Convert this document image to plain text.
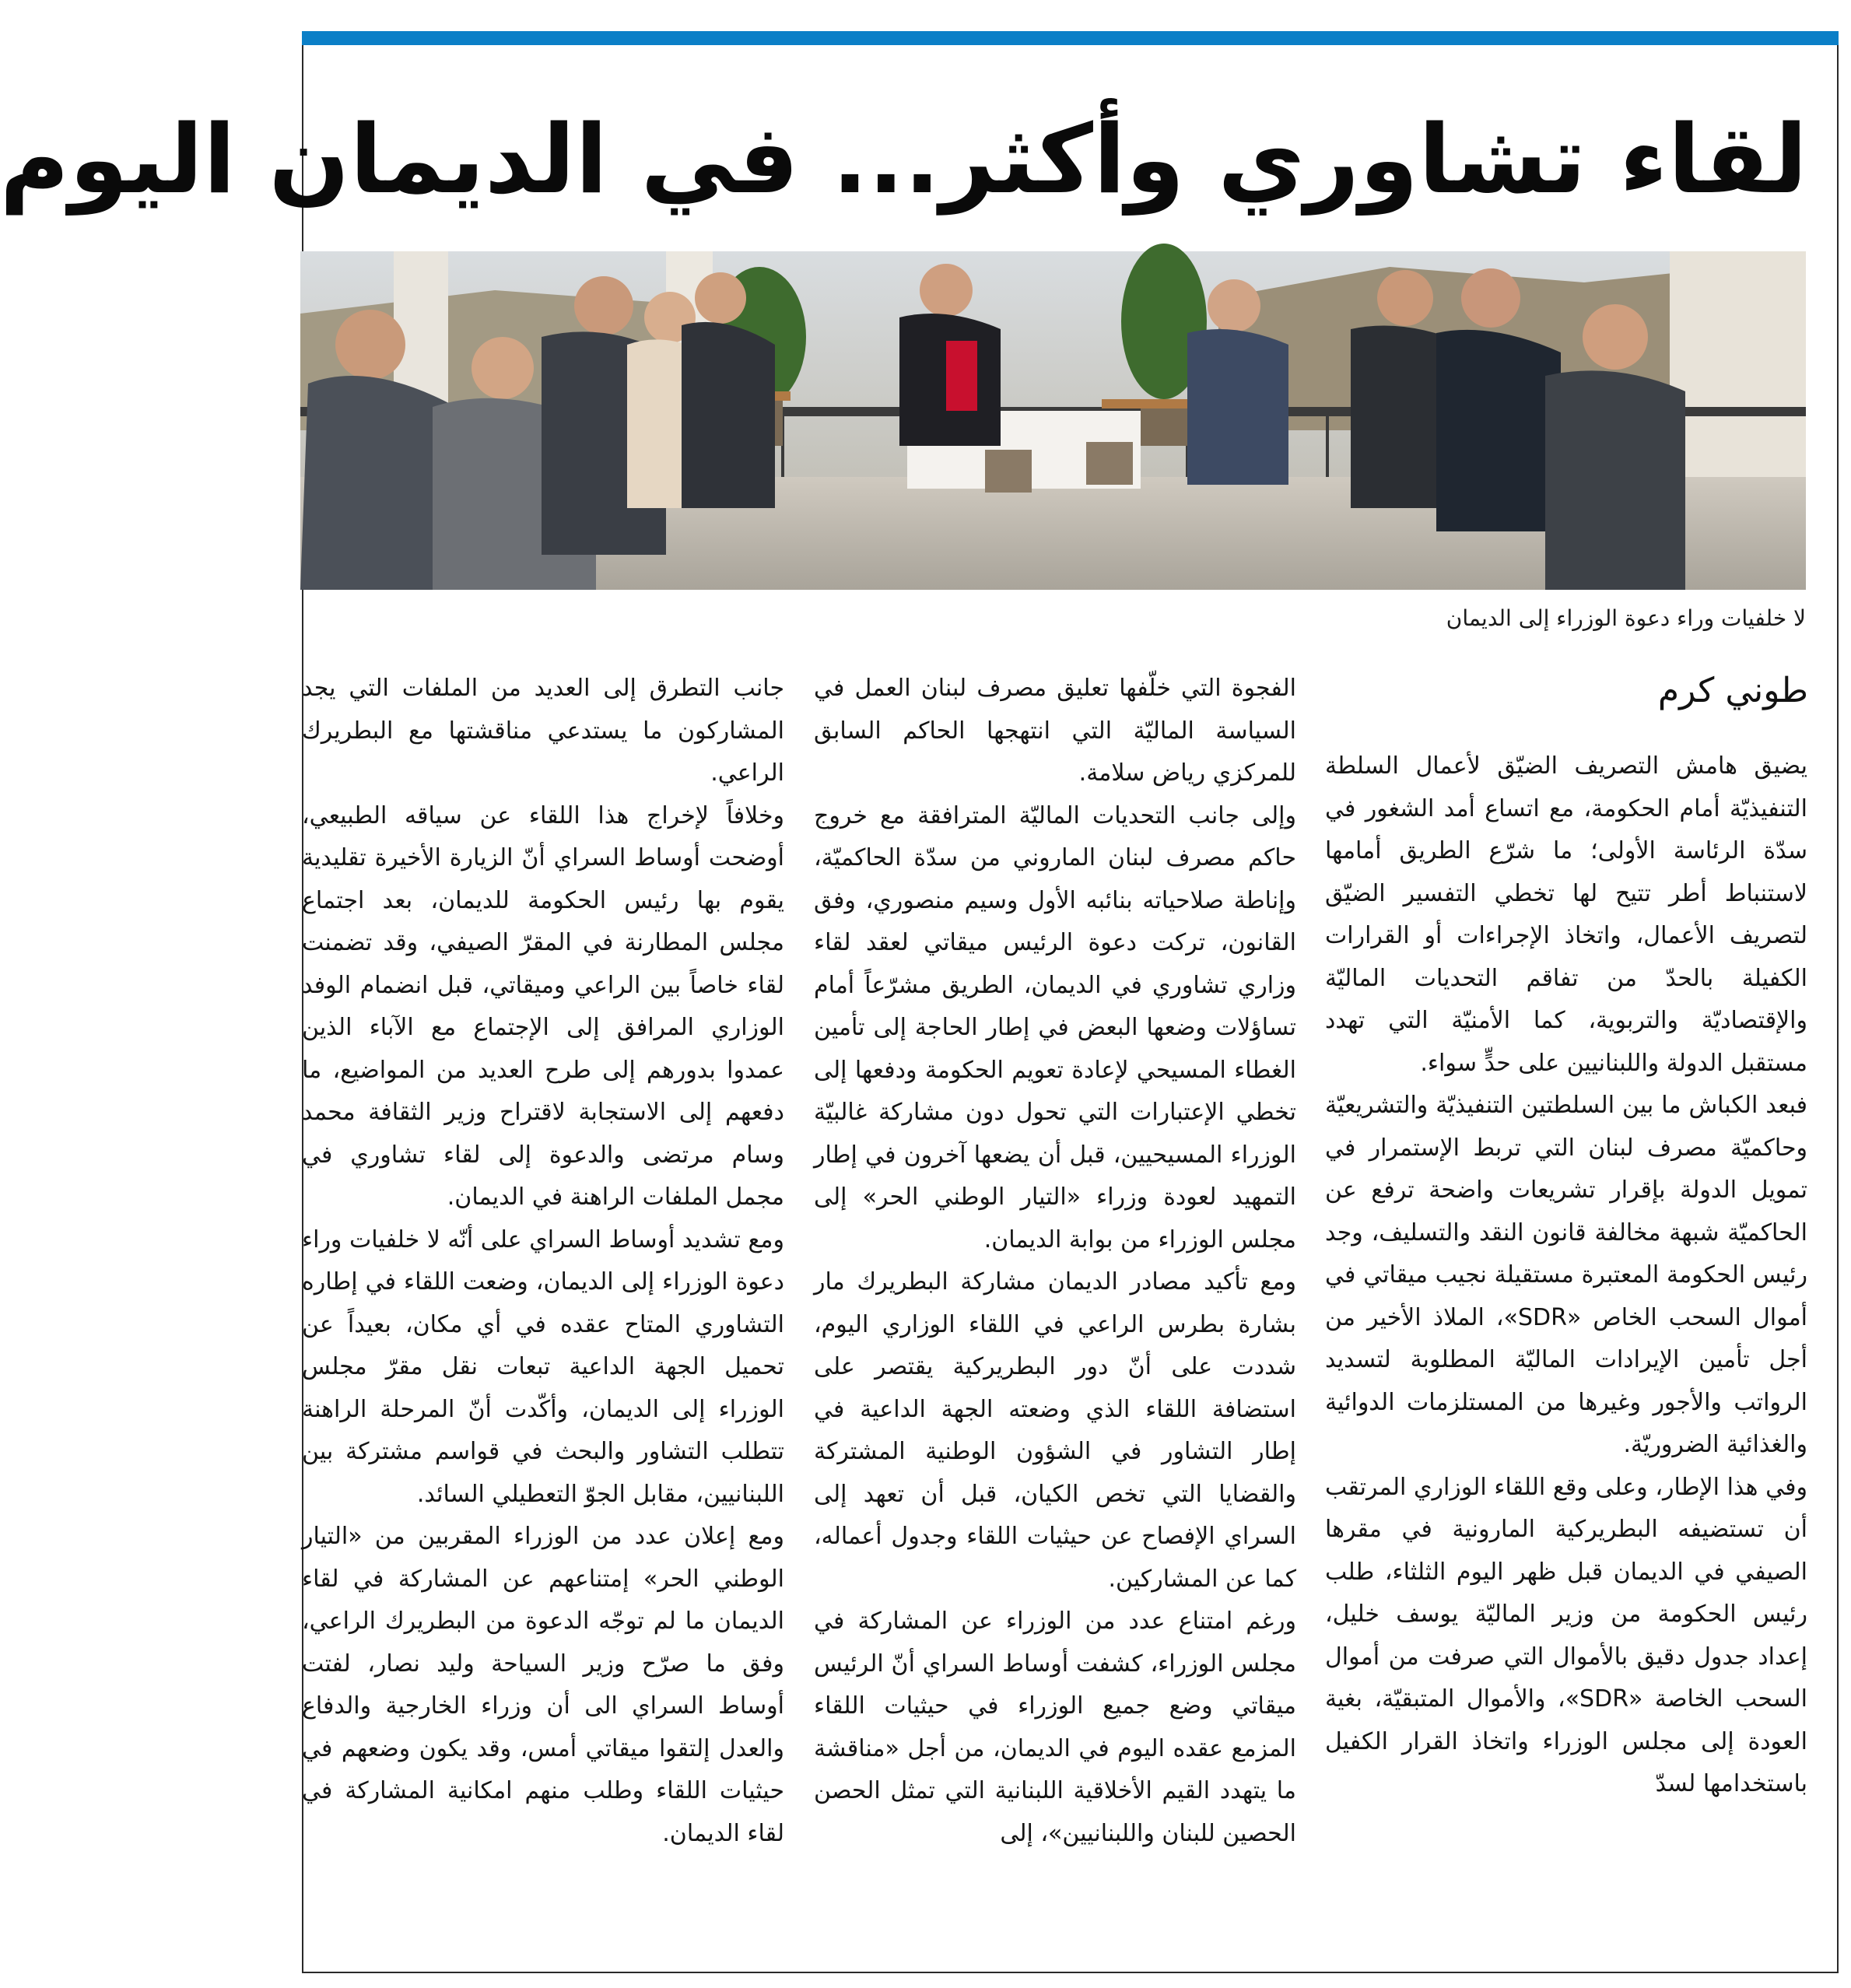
لقاء تشاوري وأكثر... في الديمان اليوم
لا خلفيات وراء دعوة الوزراء إلى الديمان
طوني كرم

يضيق هامش التصريف الضيّق لأعمال السلطة التنفيذيّة أمام الحكومة، مع اتساع أمد الشغور في سدّة الرئاسة الأولى؛ ما شرّع الطريق أمامها لاستنباط أطر تتيح لها تخطي التفسير الضيّق لتصريف الأعمال، واتخاذ الإجراءات أو القرارات الكفيلة بالحدّ من تفاقم التحديات الماليّة والإقتصاديّة والتربوية، كما الأمنيّة التي تهدد مستقبل الدولة واللبنانيين على حدٍّ سواء.

فبعد الكباش ما بين السلطتين التنفيذيّة والتشريعيّة وحاكميّة مصرف لبنان التي تربط الإستمرار في تمويل الدولة بإقرار تشريعات واضحة ترفع عن الحاكميّة شبهة مخالفة قانون النقد والتسليف، وجد رئيس الحكومة المعتبرة مستقيلة نجيب ميقاتي في أموال السحب الخاص «SDR»، الملاذ الأخير من أجل تأمين الإيرادات الماليّة المطلوبة لتسديد الرواتب والأجور وغيرها من المستلزمات الدوائية والغذائية الضروريّة.

وفي هذا الإطار، وعلى وقع اللقاء الوزاري المرتقب أن تستضيفه البطريركية المارونية في مقرها الصيفي في الديمان قبل ظهر اليوم الثلثاء، طلب رئيس الحكومة من وزير الماليّة يوسف خليل، إعداد جدول دقيق بالأموال التي صرفت من أموال السحب الخاصة «SDR»، والأموال المتبقيّة، بغية العودة إلى مجلس الوزراء واتخاذ القرار الكفيل باستخدامها لسدّ

الفجوة التي خلّفها تعليق مصرف لبنان العمل في السياسة الماليّة التي انتهجها الحاكم السابق للمركزي رياض سلامة.

وإلى جانب التحديات الماليّة المترافقة مع خروج حاكم مصرف لبنان الماروني من سدّة الحاكميّة، وإناطة صلاحياته بنائبه الأول وسيم منصوري، وفق القانون، تركت دعوة الرئيس ميقاتي لعقد لقاء وزاري تشاوري في الديمان، الطريق مشرّعاً أمام تساؤلات وضعها البعض في إطار الحاجة إلى تأمين الغطاء المسيحي لإعادة تعويم الحكومة ودفعها إلى تخطي الإعتبارات التي تحول دون مشاركة غالبيّة الوزراء المسيحيين، قبل أن يضعها آخرون في إطار التمهيد لعودة وزراء «التيار الوطني الحر» إلى مجلس الوزراء من بوابة الديمان.

ومع تأكيد مصادر الديمان مشاركة البطريرك مار بشارة بطرس الراعي في اللقاء الوزاري اليوم، شددت على أنّ دور البطريركية يقتصر على استضافة اللقاء الذي وضعته الجهة الداعية في إطار التشاور في الشؤون الوطنية المشتركة والقضايا التي تخص الكيان، قبل أن تعهد إلى السراي الإفصاح عن حيثيات اللقاء وجدول أعماله، كما عن المشاركين.

ورغم امتناع عدد من الوزراء عن المشاركة في مجلس الوزراء، كشفت أوساط السراي أنّ الرئيس ميقاتي وضع جميع الوزراء في حيثيات اللقاء المزمع عقده اليوم في الديمان، من أجل «مناقشة ما يتهدد القيم الأخلاقية اللبنانية التي تمثل الحصن الحصين للبنان واللبنانيين»، إلى

جانب التطرق إلى العديد من الملفات التي يجد المشاركون ما يستدعي مناقشتها مع البطريرك الراعي.

وخلافاً لإخراج هذا اللقاء عن سياقه الطبيعي، أوضحت أوساط السراي أنّ الزيارة الأخيرة تقليدية يقوم بها رئيس الحكومة للديمان، بعد اجتماع مجلس المطارنة في المقرّ الصيفي، وقد تضمنت لقاء خاصاً بين الراعي وميقاتي، قبل انضمام الوفد الوزاري المرافق إلى الإجتماع مع الآباء الذين عمدوا بدورهم إلى طرح العديد من المواضيع، ما دفعهم إلى الاستجابة لاقتراح وزير الثقافة محمد وسام مرتضى والدعوة إلى لقاء تشاوري في مجمل الملفات الراهنة في الديمان.

ومع تشديد أوساط السراي على أنّه لا خلفيات وراء دعوة الوزراء إلى الديمان، وضعت اللقاء في إطاره التشاوري المتاح عقده في أي مكان، بعيداً عن تحميل الجهة الداعية تبعات نقل مقرّ مجلس الوزراء إلى الديمان، وأكّدت أنّ المرحلة الراهنة تتطلب التشاور والبحث في قواسم مشتركة بين اللبنانيين، مقابل الجوّ التعطيلي السائد.

ومع إعلان عدد من الوزراء المقربين من «التيار الوطني الحر» إمتناعهم عن المشاركة في لقاء الديمان ما لم توجّه الدعوة من البطريرك الراعي، وفق ما صرّح وزير السياحة وليد نصار، لفتت أوساط السراي الى أن وزراء الخارجية والدفاع والعدل إلتقوا ميقاتي أمس، وقد يكون وضعهم في حيثيات اللقاء وطلب منهم امكانية المشاركة في لقاء الديمان.
